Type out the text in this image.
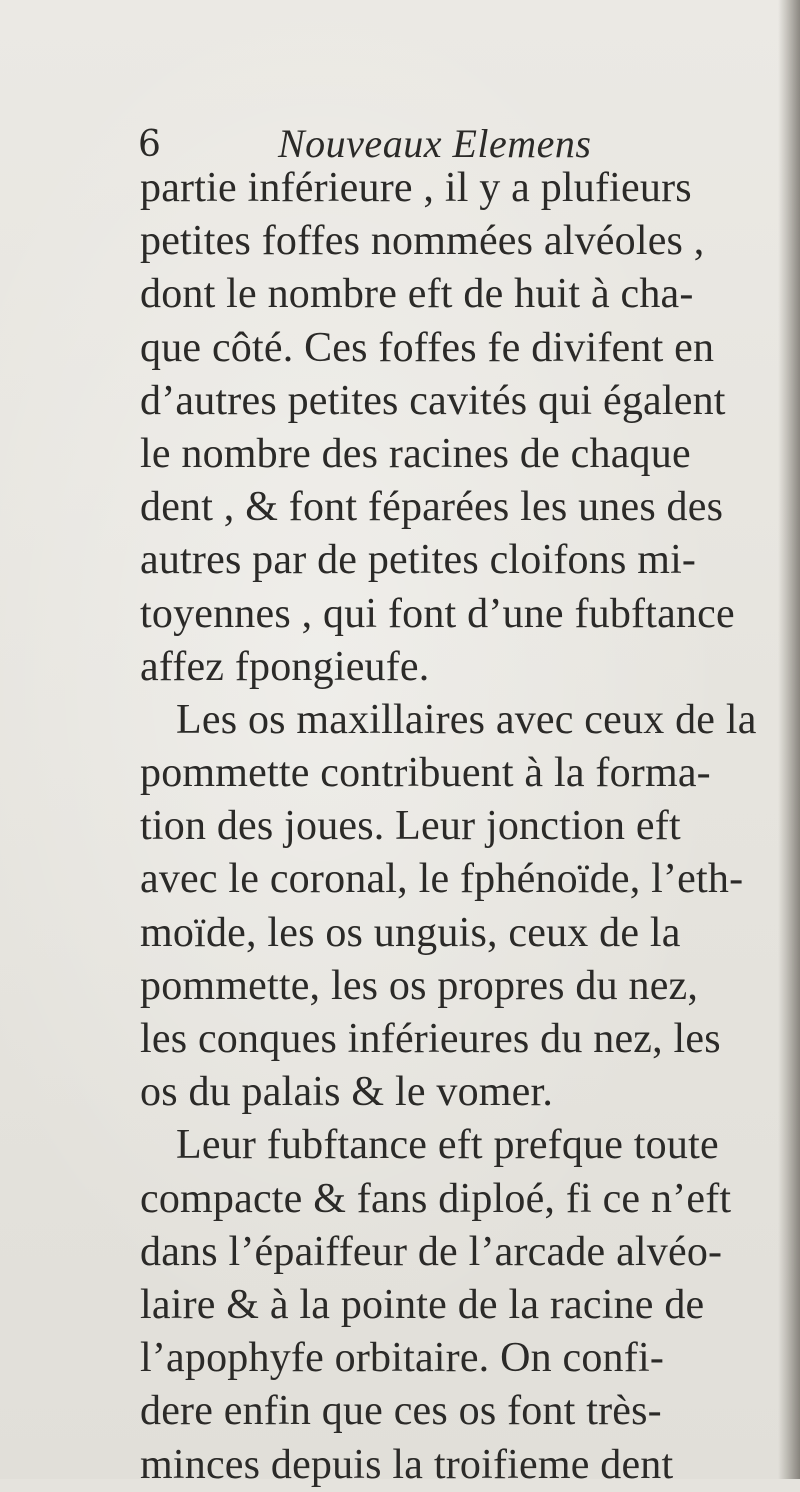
6	Nouveaux Elemens
partie inférieure , il y a plufieurs
petites foffes nommées alvéoles ,
dont le nombre eft de huit à cha-
que côté. Ces foffes fe divifent en
d’autres petites cavités qui égalent
le nombre des racines de chaque
dent , & font féparées les unes des
autres par de petites cloifons mi-
toyennes , qui font d’une fubftance
affez fpongieufe.
Les os maxillaires avec ceux de la
pommette contribuent à la forma-
tion des joues. Leur jonction eft
avec le coronal, le fphénoïde, l’eth-
moïde, les os unguis, ceux de la
pommette, les os propres du nez,
les conques inférieures du nez, les
os du palais & le vomer.
Leur fubftance eft prefque toute
compacte & fans diploé, fi ce n’eft
dans l’épaiffeur de l’arcade alvéo-
laire & à la pointe de la racine de
l’apophyfe orbitaire. On confi-
dere enfin que ces os font très-
minces depuis la troifieme dent
